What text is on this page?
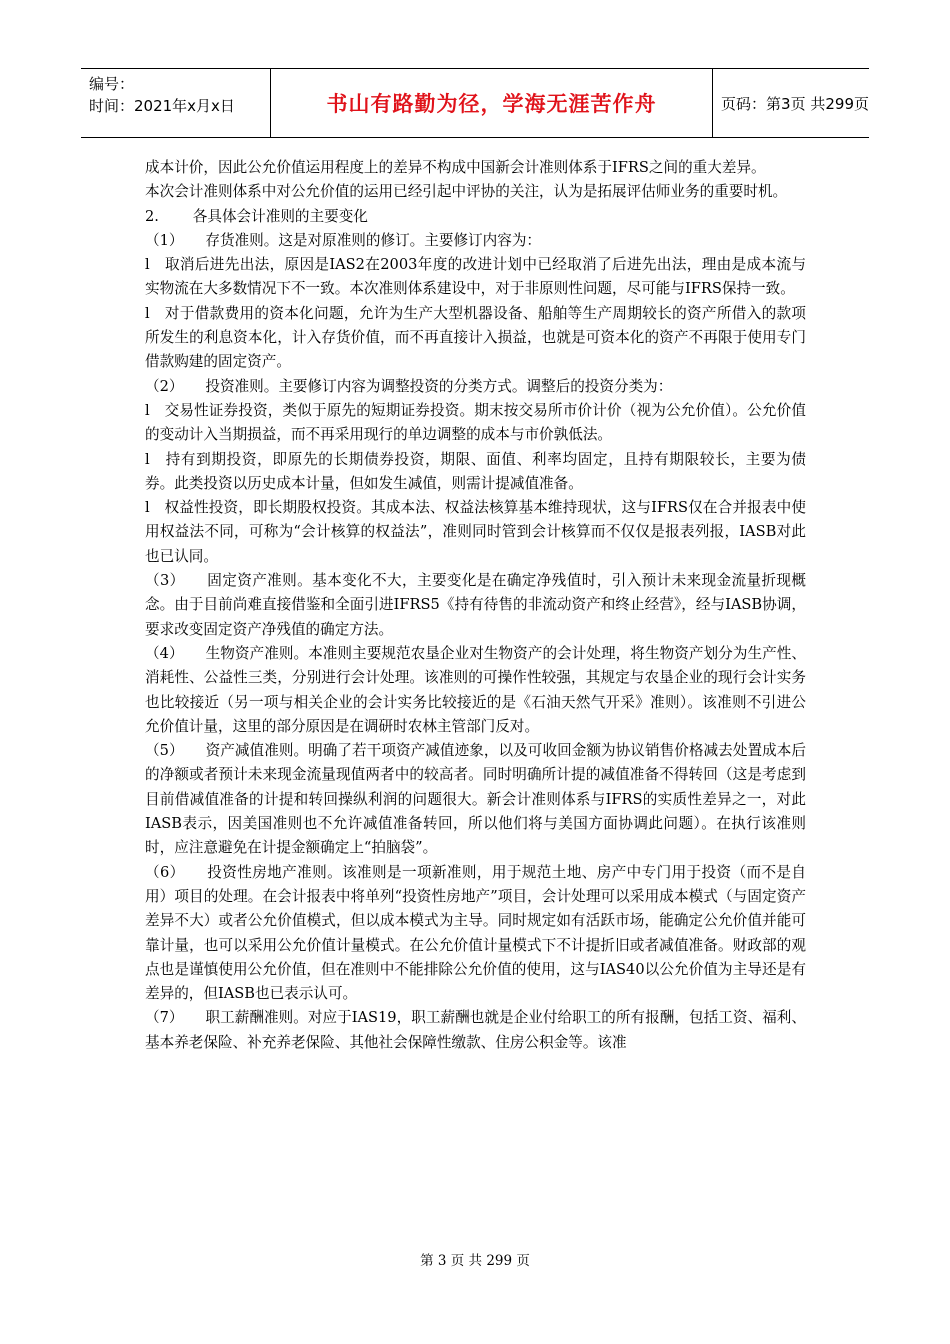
编号：
时间：2021年x月x日	书山有路勤为径，学海无涯苦作舟	页码：第3页 共299页

成本计价，因此公允价值运用程度上的差异不构成中国新会计准则体系于IFRS之间的重大差异。

本次会计准则体系中对公允价值的运用已经引起中评协的关注，认为是拓展评估师业务的重要时机。

2.　　 各具体会计准则的主要变化

（1）　　存货准则。这是对原准则的修订。主要修订内容为：

l　取消后进先出法，原因是IAS2在2003年度的改进计划中已经取消了后进先出法，理由是成本流与实物流在大多数情况下不一致。本次准则体系建设中，对于非原则性问题，尽可能与IFRS保持一致。

l　对于借款费用的资本化问题，允许为生产大型机器设备、船舶等生产周期较长的资产所借入的款项所发生的利息资本化，计入存货价值，而不再直接计入损益，也就是可资本化的资产不再限于使用专门借款购建的固定资产。

（2）　　投资准则。主要修订内容为调整投资的分类方式。调整后的投资分类为：

l　交易性证券投资，类似于原先的短期证券投资。期末按交易所市价计价（视为公允价值）。公允价值的变动计入当期损益，而不再采用现行的单边调整的成本与市价孰低法。

l　持有到期投资，即原先的长期债券投资，期限、面值、利率均固定，且持有期限较长，主要为债券。此类投资以历史成本计量，但如发生减值，则需计提减值准备。

l　权益性投资，即长期股权投资。其成本法、权益法核算基本维持现状，这与IFRS仅在合并报表中使用权益法不同，可称为“会计核算的权益法”，准则同时管到会计核算而不仅仅是报表列报，IASB对此也已认同。

（3）　　固定资产准则。基本变化不大，主要变化是在确定净残值时，引入预计未来现金流量折现概念。由于目前尚难直接借鉴和全面引进IFRS5《持有待售的非流动资产和终止经营》，经与IASB协调，要求改变固定资产净残值的确定方法。

（4）　　生物资产准则。本准则主要规范农垦企业对生物资产的会计处理，将生物资产划分为生产性、消耗性、公益性三类，分别进行会计处理。该准则的可操作性较强，其规定与农垦企业的现行会计实务也比较接近（另一项与相关企业的会计实务比较接近的是《石油天然气开采》准则）。该准则不引进公允价值计量，这里的部分原因是在调研时农林主管部门反对。

（5）　　资产减值准则。明确了若干项资产减值迹象，以及可收回金额为协议销售价格减去处置成本后的净额或者预计未来现金流量现值两者中的较高者。同时明确所计提的减值准备不得转回（这是考虑到目前借减值准备的计提和转回操纵利润的问题很大。新会计准则体系与IFRS的实质性差异之一，对此IASB表示，因美国准则也不允许减值准备转回，所以他们将与美国方面协调此问题）。在执行该准则时，应注意避免在计提金额确定上“拍脑袋”。

（6）　　投资性房地产准则。该准则是一项新准则，用于规范土地、房产中专门用于投资（而不是自用）项目的处理。在会计报表中将单列“投资性房地产”项目，会计处理可以采用成本模式（与固定资产差异不大）或者公允价值模式，但以成本模式为主导。同时规定如有活跃市场，能确定公允价值并能可靠计量，也可以采用公允价值计量模式。在公允价值计量模式下不计提折旧或者减值准备。财政部的观点也是谨慎使用公允价值，但在准则中不能排除公允价值的使用，这与IAS40以公允价值为主导还是有差异的，但IASB也已表示认可。

（7）　　职工薪酬准则。对应于IAS19，职工薪酬也就是企业付给职工的所有报酬，包括工资、福利、基本养老保险、补充养老保险、其他社会保障性缴款、住房公积金等。该准

第 3 页 共 299 页
